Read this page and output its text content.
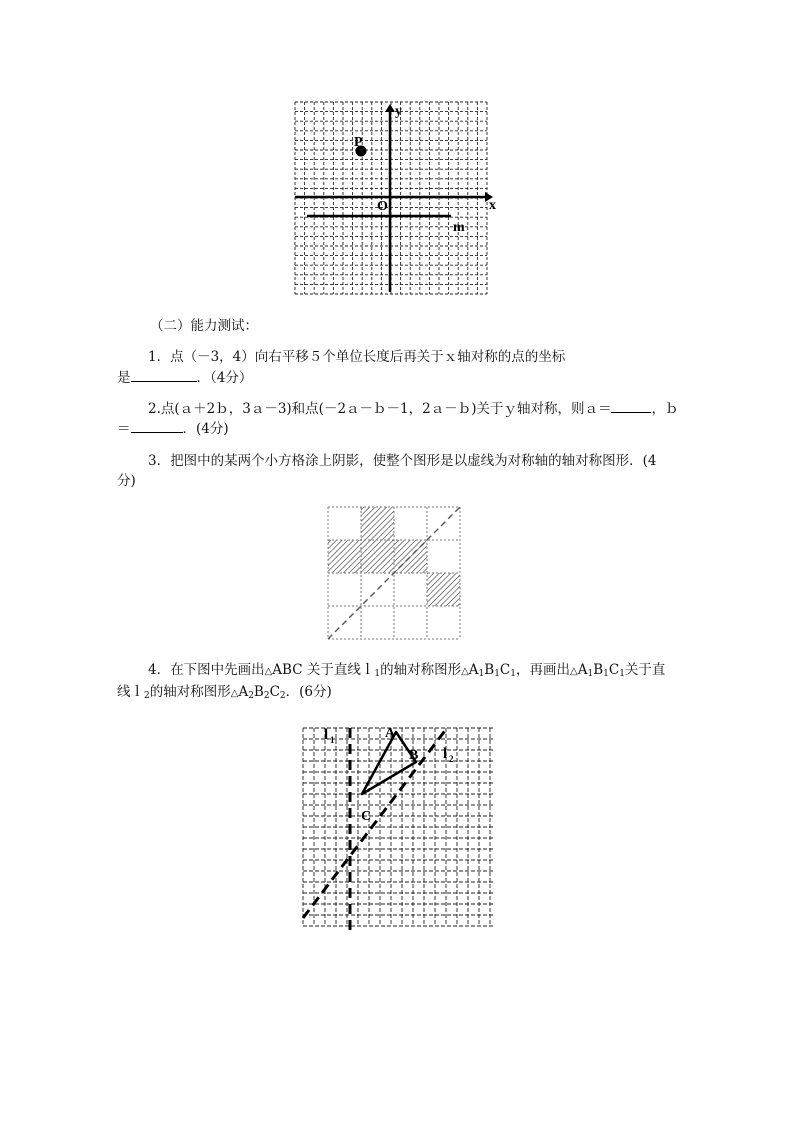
P
y
x
O
m
（二）能力测试：
1．点（－3，4）向右平移５个单位长度后再关于ｘ轴对称的点的坐标
是	．（4分）
2.点(ａ＋2ｂ，3ａ－3)和点(－2ａ－ｂ－1，2ａ－ｂ)关于ｙ轴对称，则ａ＝	，ｂ
＝	．(4分)
3．把图中的某两个小方格涂上阴影，使整个图形是以虚线为对称轴的轴对称图形．(4
分)
4．在下图中先画出△ABC 关于直线ｌ$_1$的轴对称图形$\triangle A_1B_1C_1$，再画出$\triangle A_1B_1C_1$关于直
线ｌ$_2$的轴对称图形$\triangle A_2B_2C_2$．(6分)
l 1
l 2
A
B
C
